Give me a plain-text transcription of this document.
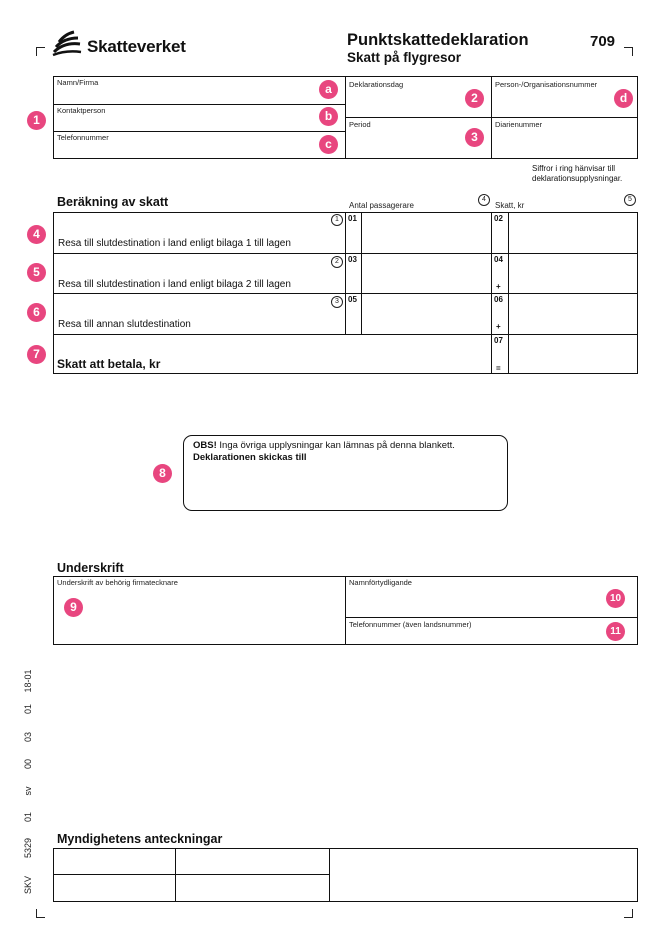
Skatteverket	Punktskattedeklaration
Skatt på flygresor
709
Namn/Firma
Kontaktperson
Telefonnummer
Deklarationsdag
Period
Person-/Organisationsnummer
Diarienummer
a
b
c
d
1
2
3
Siffror i ring hänvisar till deklarationsupplysningar.
Beräkning av skatt	Antal passagerare
4
Skatt, kr
5
4
1
Resa till slutdestination i land enligt bilaga 1 till lagen
01	02
5
2
Resa till slutdestination i land enligt bilaga 2 till lagen
03	04
+
6
3
Resa till annan slutdestination
05	06
+
7
Skatt att betala, kr
07
=
8
OBS! Inga övriga upplysningar kan lämnas på denna blankett.
Deklarationen skickas till
Underskrift
Underskrift av behörig firmatecknare
9
Namnförtydligande
10
Telefonnummer (även landsnummer)
11
SKV
5329
01
sv
00
03
01
18-01
Myndighetens anteckningar
